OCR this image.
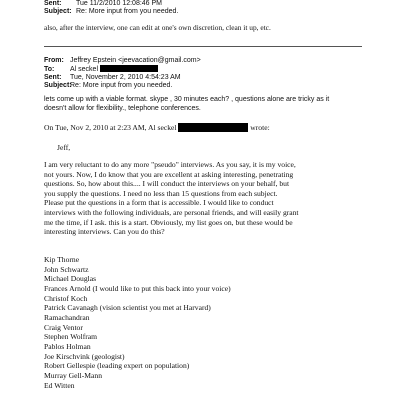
Sent: Tue 11/2/2010 12:08:46 PM
Subject: Re: More input from you needed.
also, after the interview, one can edit at one's own discretion, clean it up, etc.
From: Jeffrey Epstein <jeevacation@gmail.com>
To: Al seckel
Sent: Tue, November 2, 2010 4:54:23 AM
Subject:Re: More input from you needed.
lets come up with a viable format. skype , 30 minutes each? , questions alone are tricky as it
doesn't allow for flexibility., telephone conferences.
On Tue, Nov 2, 2010 at 2:23 AM, Al seckel	wrote:
Jeff,
I am very reluctant to do any more "pseudo" interviews. As you say, it is my voice,
not yours. Now, I do know that you are excellent at asking interesting, penetrating
questions. So, how about this.... I will conduct the interviews on your behalf, but
you supply the questions. I need no less than 15 questions from each subject.
Please put the questions in a form that is accessible. I would like to conduct
interviews with the following individuals, are personal friends, and will easily grant
me the time, if I ask. this is a start. Obviously, my list goes on, but these would be
interesting interviews. Can you do this?
Kip Thorne
John Schwartz
Michael Douglas
Frances Arnold (I would like to put this back into your voice)
Christof Koch
Patrick Cavanagh (vision scientist you met at Harvard)
Ramachandran
Craig Ventor
Stephen Wolfram
Pablos Holman
Joe Kirschvink (geologist)
Robert Gellespie (leading expert on population)
Murray Gell-Mann
Ed Witten
